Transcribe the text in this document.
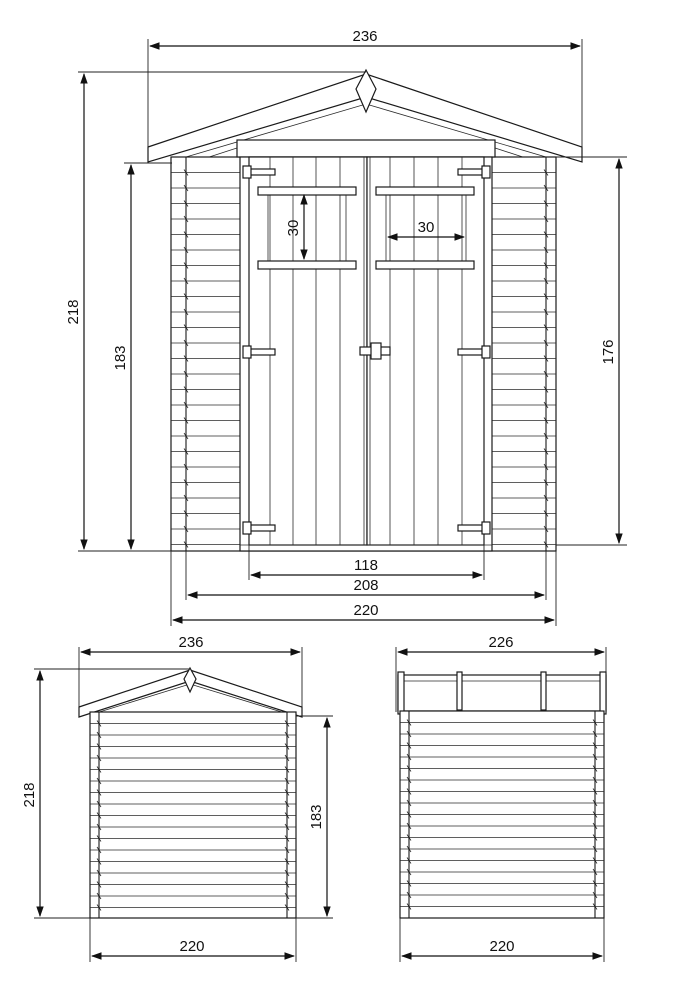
236
218
183	176
30	30
118
208
220
236
218
183
220
226
220
